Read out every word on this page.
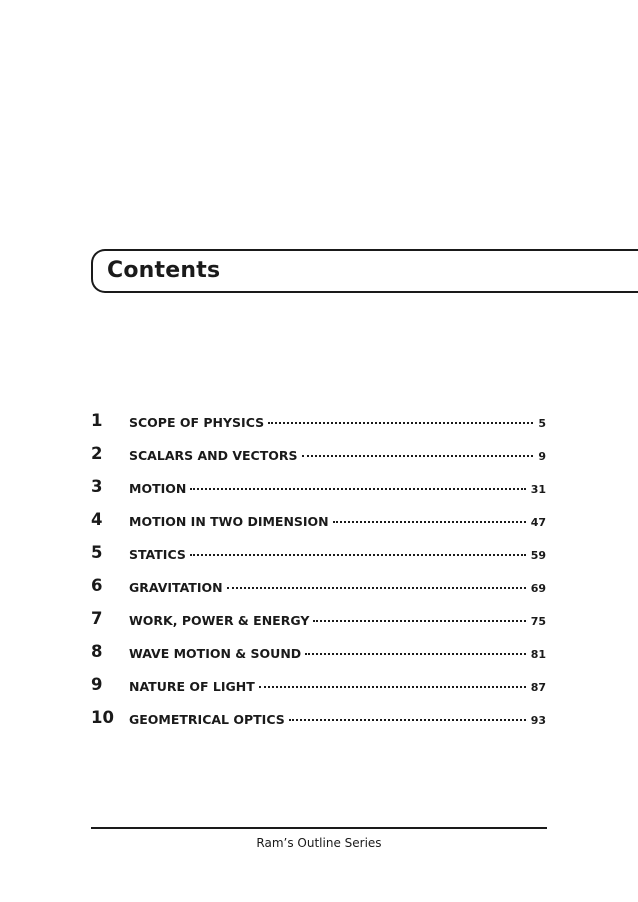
Contents
1	SCOPE OF PHYSICS	5
2	SCALARS AND VECTORS	9
3	MOTION	31
4	MOTION IN TWO DIMENSION	47
5	STATICS	59
6	GRAVITATION	69
7	WORK, POWER & ENERGY	75
8	WAVE MOTION & SOUND	81
9	NATURE OF LIGHT	87
10	GEOMETRICAL OPTICS	93
Ram’s Outline Series
